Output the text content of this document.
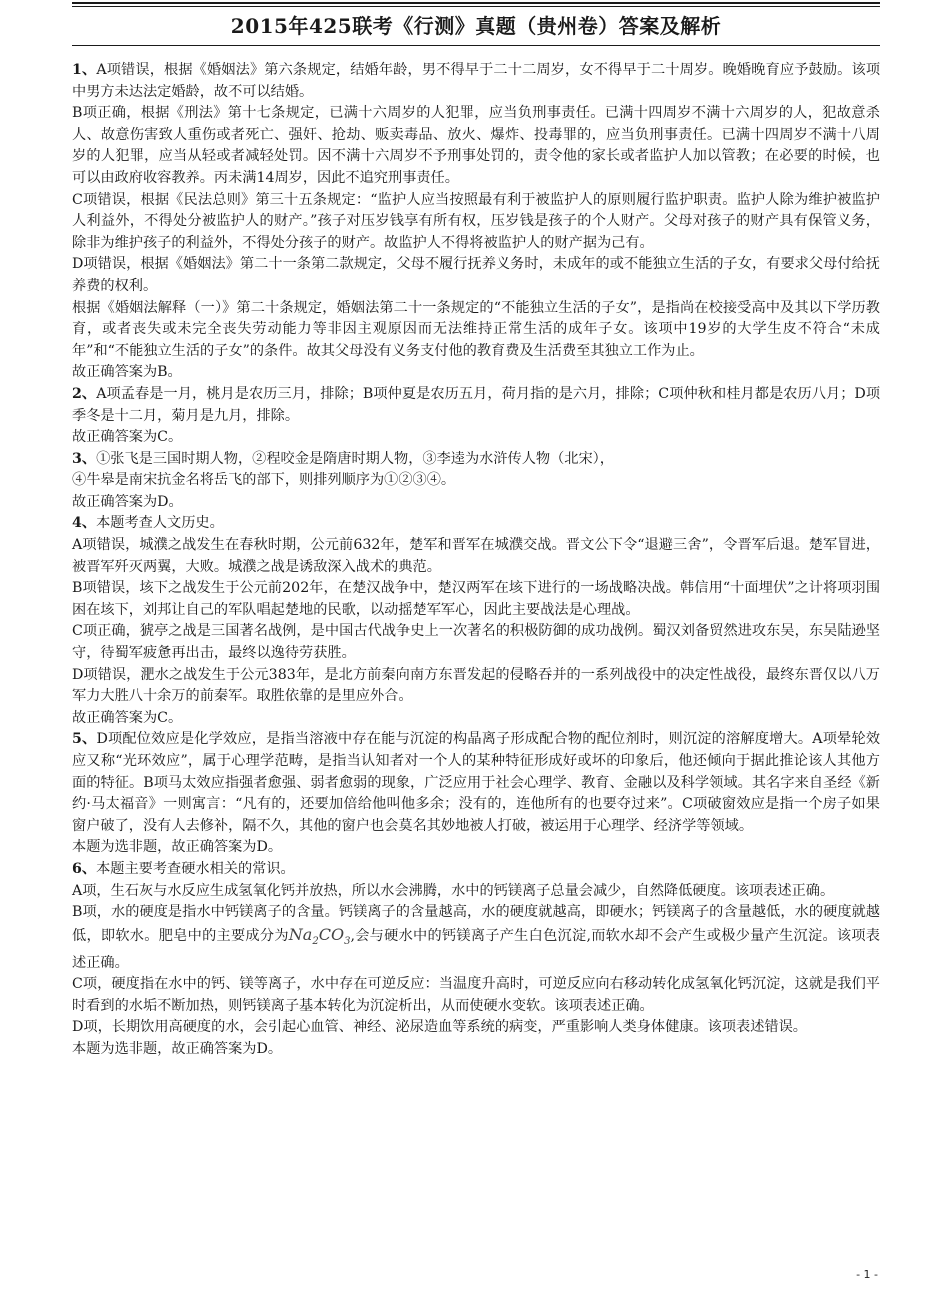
2015年425联考《行测》真题（贵州卷）答案及解析

1、A项错误，根据《婚姻法》第六条规定，结婚年龄，男不得早于二十二周岁，女不得早于二十周岁。晚婚晚育应予鼓励。该项中男方未达法定婚龄，故不可以结婚。

B项正确，根据《刑法》第十七条规定，已满十六周岁的人犯罪，应当负刑事责任。已满十四周岁不满十六周岁的人，犯故意杀人、故意伤害致人重伤或者死亡、强奸、抢劫、贩卖毒品、放火、爆炸、投毒罪的，应当负刑事责任。已满十四周岁不满十八周岁的人犯罪，应当从轻或者减轻处罚。因不满十六周岁不予刑事处罚的，责令他的家长或者监护人加以管教；在必要的时候，也可以由政府收容教养。丙未满14周岁，因此不追究刑事责任。

C项错误，根据《民法总则》第三十五条规定：“监护人应当按照最有利于被监护人的原则履行监护职责。监护人除为维护被监护人利益外，不得处分被监护人的财产。”孩子对压岁钱享有所有权，压岁钱是孩子的个人财产。父母对孩子的财产具有保管义务，除非为维护孩子的利益外，不得处分孩子的财产。故监护人不得将被监护人的财产据为己有。

D项错误，根据《婚姻法》第二十一条第二款规定，父母不履行抚养义务时，未成年的或不能独立生活的子女，有要求父母付给抚养费的权利。

根据《婚姻法解释（一）》第二十条规定，婚姻法第二十一条规定的“不能独立生活的子女”，是指尚在校接受高中及其以下学历教育，或者丧失或未完全丧失劳动能力等非因主观原因而无法维持正常生活的成年子女。该项中19岁的大学生皮不符合“未成年”和“不能独立生活的子女”的条件。故其父母没有义务支付他的教育费及生活费至其独立工作为止。

故正确答案为B。

2、A项孟春是一月，桃月是农历三月，排除；B项仲夏是农历五月，荷月指的是六月，排除；C项仲秋和桂月都是农历八月；D项季冬是十二月，菊月是九月，排除。

故正确答案为C。

3、①张飞是三国时期人物，②程咬金是隋唐时期人物，③李逵为水浒传人物（北宋），

④牛皋是南宋抗金名将岳飞的部下，则排列顺序为①②③④。

故正确答案为D。

4、本题考查人文历史。

A项错误，城濮之战发生在春秋时期，公元前632年，楚军和晋军在城濮交战。晋文公下令“退避三舍”，令晋军后退。楚军冒进，被晋军歼灭两翼，大败。城濮之战是诱敌深入战术的典范。

B项错误，垓下之战发生于公元前202年，在楚汉战争中，楚汉两军在垓下进行的一场战略决战。韩信用“十面埋伏”之计将项羽围困在垓下，刘邦让自己的军队唱起楚地的民歌，以动摇楚军军心，因此主要战法是心理战。

C项正确，猇亭之战是三国著名战例，是中国古代战争史上一次著名的积极防御的成功战例。蜀汉刘备贸然进攻东吴，东吴陆逊坚守，待蜀军疲惫再出击，最终以逸待劳获胜。

D项错误，淝水之战发生于公元383年，是北方前秦向南方东晋发起的侵略吞并的一系列战役中的决定性战役，最终东晋仅以八万军力大胜八十余万的前秦军。取胜依靠的是里应外合。

故正确答案为C。

5、D项配位效应是化学效应，是指当溶液中存在能与沉淀的构晶离子形成配合物的配位剂时，则沉淀的溶解度增大。A项晕轮效应又称“光环效应”，属于心理学范畴，是指当认知者对一个人的某种特征形成好或坏的印象后，他还倾向于据此推论该人其他方面的特征。B项马太效应指强者愈强、弱者愈弱的现象，广泛应用于社会心理学、教育、金融以及科学领域。其名字来自圣经《新约·马太福音》一则寓言：“凡有的，还要加倍给他叫他多余；没有的，连他所有的也要夺过来”。C项破窗效应是指一个房子如果窗户破了，没有人去修补，隔不久，其他的窗户也会莫名其妙地被人打破，被运用于心理学、经济学等领域。

本题为选非题，故正确答案为D。

6、本题主要考查硬水相关的常识。

A项，生石灰与水反应生成氢氧化钙并放热，所以水会沸腾，水中的钙镁离子总量会减少，自然降低硬度。该项表述正确。

B项，水的硬度是指水中钙镁离子的含量。钙镁离子的含量越高，水的硬度就越高，即硬水；钙镁离子的含量越低，水的硬度就越低，即软水。肥皂中的主要成分为$Na_2CO_3$,会与硬水中的钙镁离子产生白色沉淀,而软水却不会产生或极少量产生沉淀。该项表述正确。

C项，硬度指在水中的钙、镁等离子，水中存在可逆反应：当温度升高时，可逆反应向右移动转化成氢氧化钙沉淀，这就是我们平时看到的水垢不断加热，则钙镁离子基本转化为沉淀析出，从而使硬水变软。该项表述正确。

D项，长期饮用高硬度的水，会引起心血管、神经、泌尿造血等系统的病变，严重影响人类身体健康。该项表述错误。

本题为选非题，故正确答案为D。

- 1 -
